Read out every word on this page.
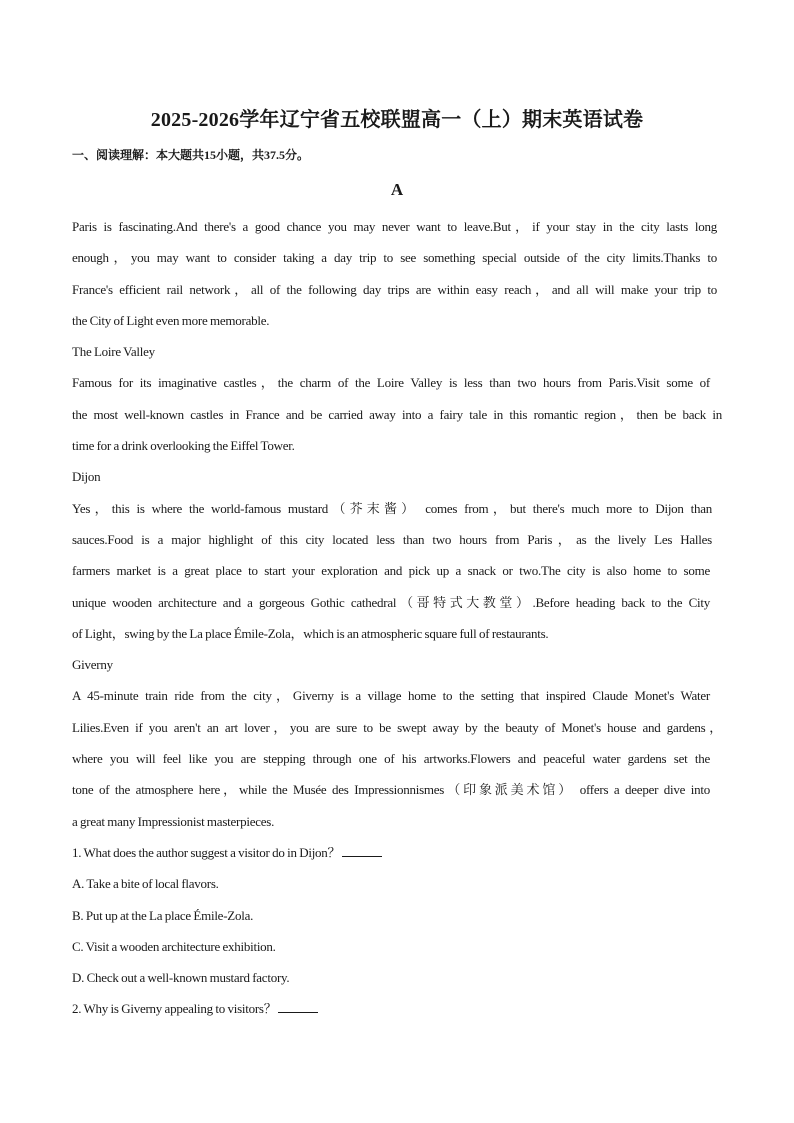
2025-2026学年辽宁省五校联盟高一（上）期末英语试卷
一、阅读理解：本大题共15小题，共37.5分。
A
Paris is fascinating.And there's a good chance you may never want to leave.But，if your stay in the city lasts long
enough，you may want to consider taking a day trip to see something special outside of the city limits.Thanks to
France's efficient rail network，all of the following day trips are within easy reach，and all will make your trip to
the City of Light even more memorable.
The Loire Valley
Famous for its imaginative castles，the charm of the Loire Valley is less than two hours from Paris.Visit some of
the most well-known castles in France and be carried away into a fairy tale in this romantic region，then be back in
time for a drink overlooking the Eiffel Tower.
Dijon
Yes，this is where the world-famous mustard（芥末酱） comes from，but there's much more to Dijon than
sauces.Food is a major highlight of this city located less than two hours from Paris，as the lively Les Halles
farmers market is a great place to start your exploration and pick up a snack or two.The city is also home to some
unique wooden architecture and a gorgeous Gothic cathedral（哥特式大教堂）.Before heading back to the City
of Light，swing by the La place Émile-Zola，which is an atmospheric square full of restaurants.
Giverny
A 45-minute train ride from the city，Giverny is a village home to the setting that inspired Claude Monet's Water
Lilies.Even if you aren't an art lover，you are sure to be swept away by the beauty of Monet's house and gardens，
where you will feel like you are stepping through one of his artworks.Flowers and peaceful water gardens set the
tone of the atmosphere here，while the Musée des Impressionnismes（印象派美术馆） offers a deeper dive into
a great many Impressionist masterpieces.
1. What does the author suggest a visitor do in Dijon？
A. Take a bite of local flavors.
B. Put up at the La place Émile-Zola.
C. Visit a wooden architecture exhibition.
D. Check out a well-known mustard factory.
2. Why is Giverny appealing to visitors？
